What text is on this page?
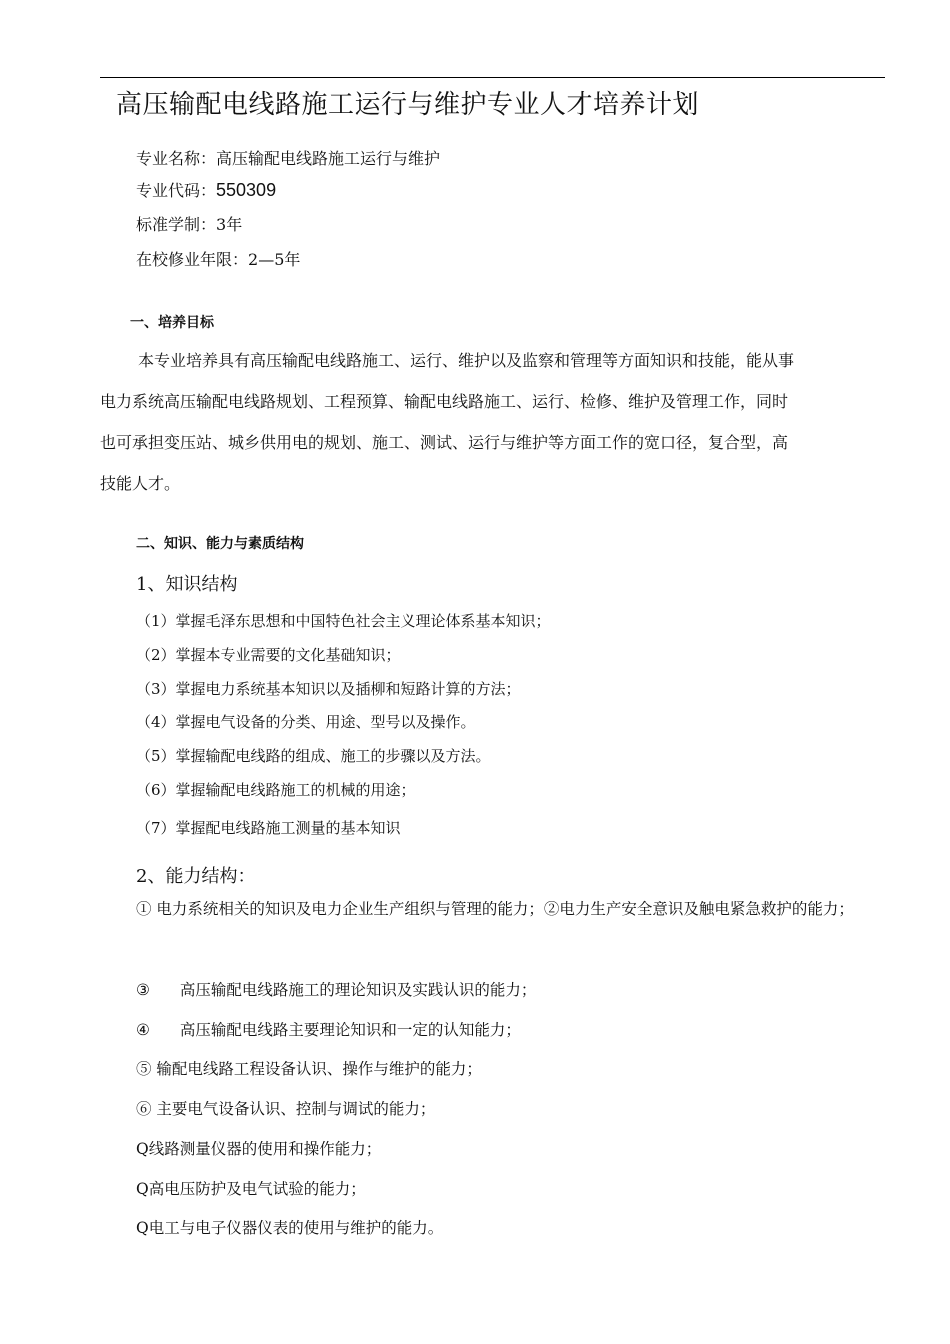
高压输配电线路施工运行与维护专业人才培养计划
专业名称：高压输配电线路施工运行与维护
专业代码：550309
标准学制：3年
在校修业年限：2—5年
一、培养目标
本专业培养具有高压输配电线路施工、运行、维护以及监察和管理等方面知识和技能，能从事
电力系统高压输配电线路规划、工程预算、输配电线路施工、运行、检修、维护及管理工作，同时
也可承担变压站、城乡供用电的规划、施工、测试、运行与维护等方面工作的宽口径，复合型，高
技能人才。
二、知识、能力与素质结构
1、知识结构
（1）掌握毛泽东思想和中国特色社会主义理论体系基本知识；
（2）掌握本专业需要的文化基础知识；
（3）掌握电力系统基本知识以及插柳和短路计算的方法；
（4）掌握电气设备的分类、用途、型号以及操作。
（5）掌握输配电线路的组成、施工的步骤以及方法。
（6）掌握输配电线路施工的机械的用途；
（7）掌握配电线路施工测量的基本知识
2、能力结构：
① 电力系统相关的知识及电力企业生产组织与管理的能力；②电力生产安全意识及触电紧急救护的能力；
③ 高压输配电线路施工的理论知识及实践认识的能力；
④ 高压输配电线路主要理论知识和一定的认知能力；
⑤ 输配电线路工程设备认识、操作与维护的能力；
⑥ 主要电气设备认识、控制与调试的能力；
Q线路测量仪器的使用和操作能力；
Q高电压防护及电气试验的能力；
Q电工与电子仪器仪表的使用与维护的能力。
